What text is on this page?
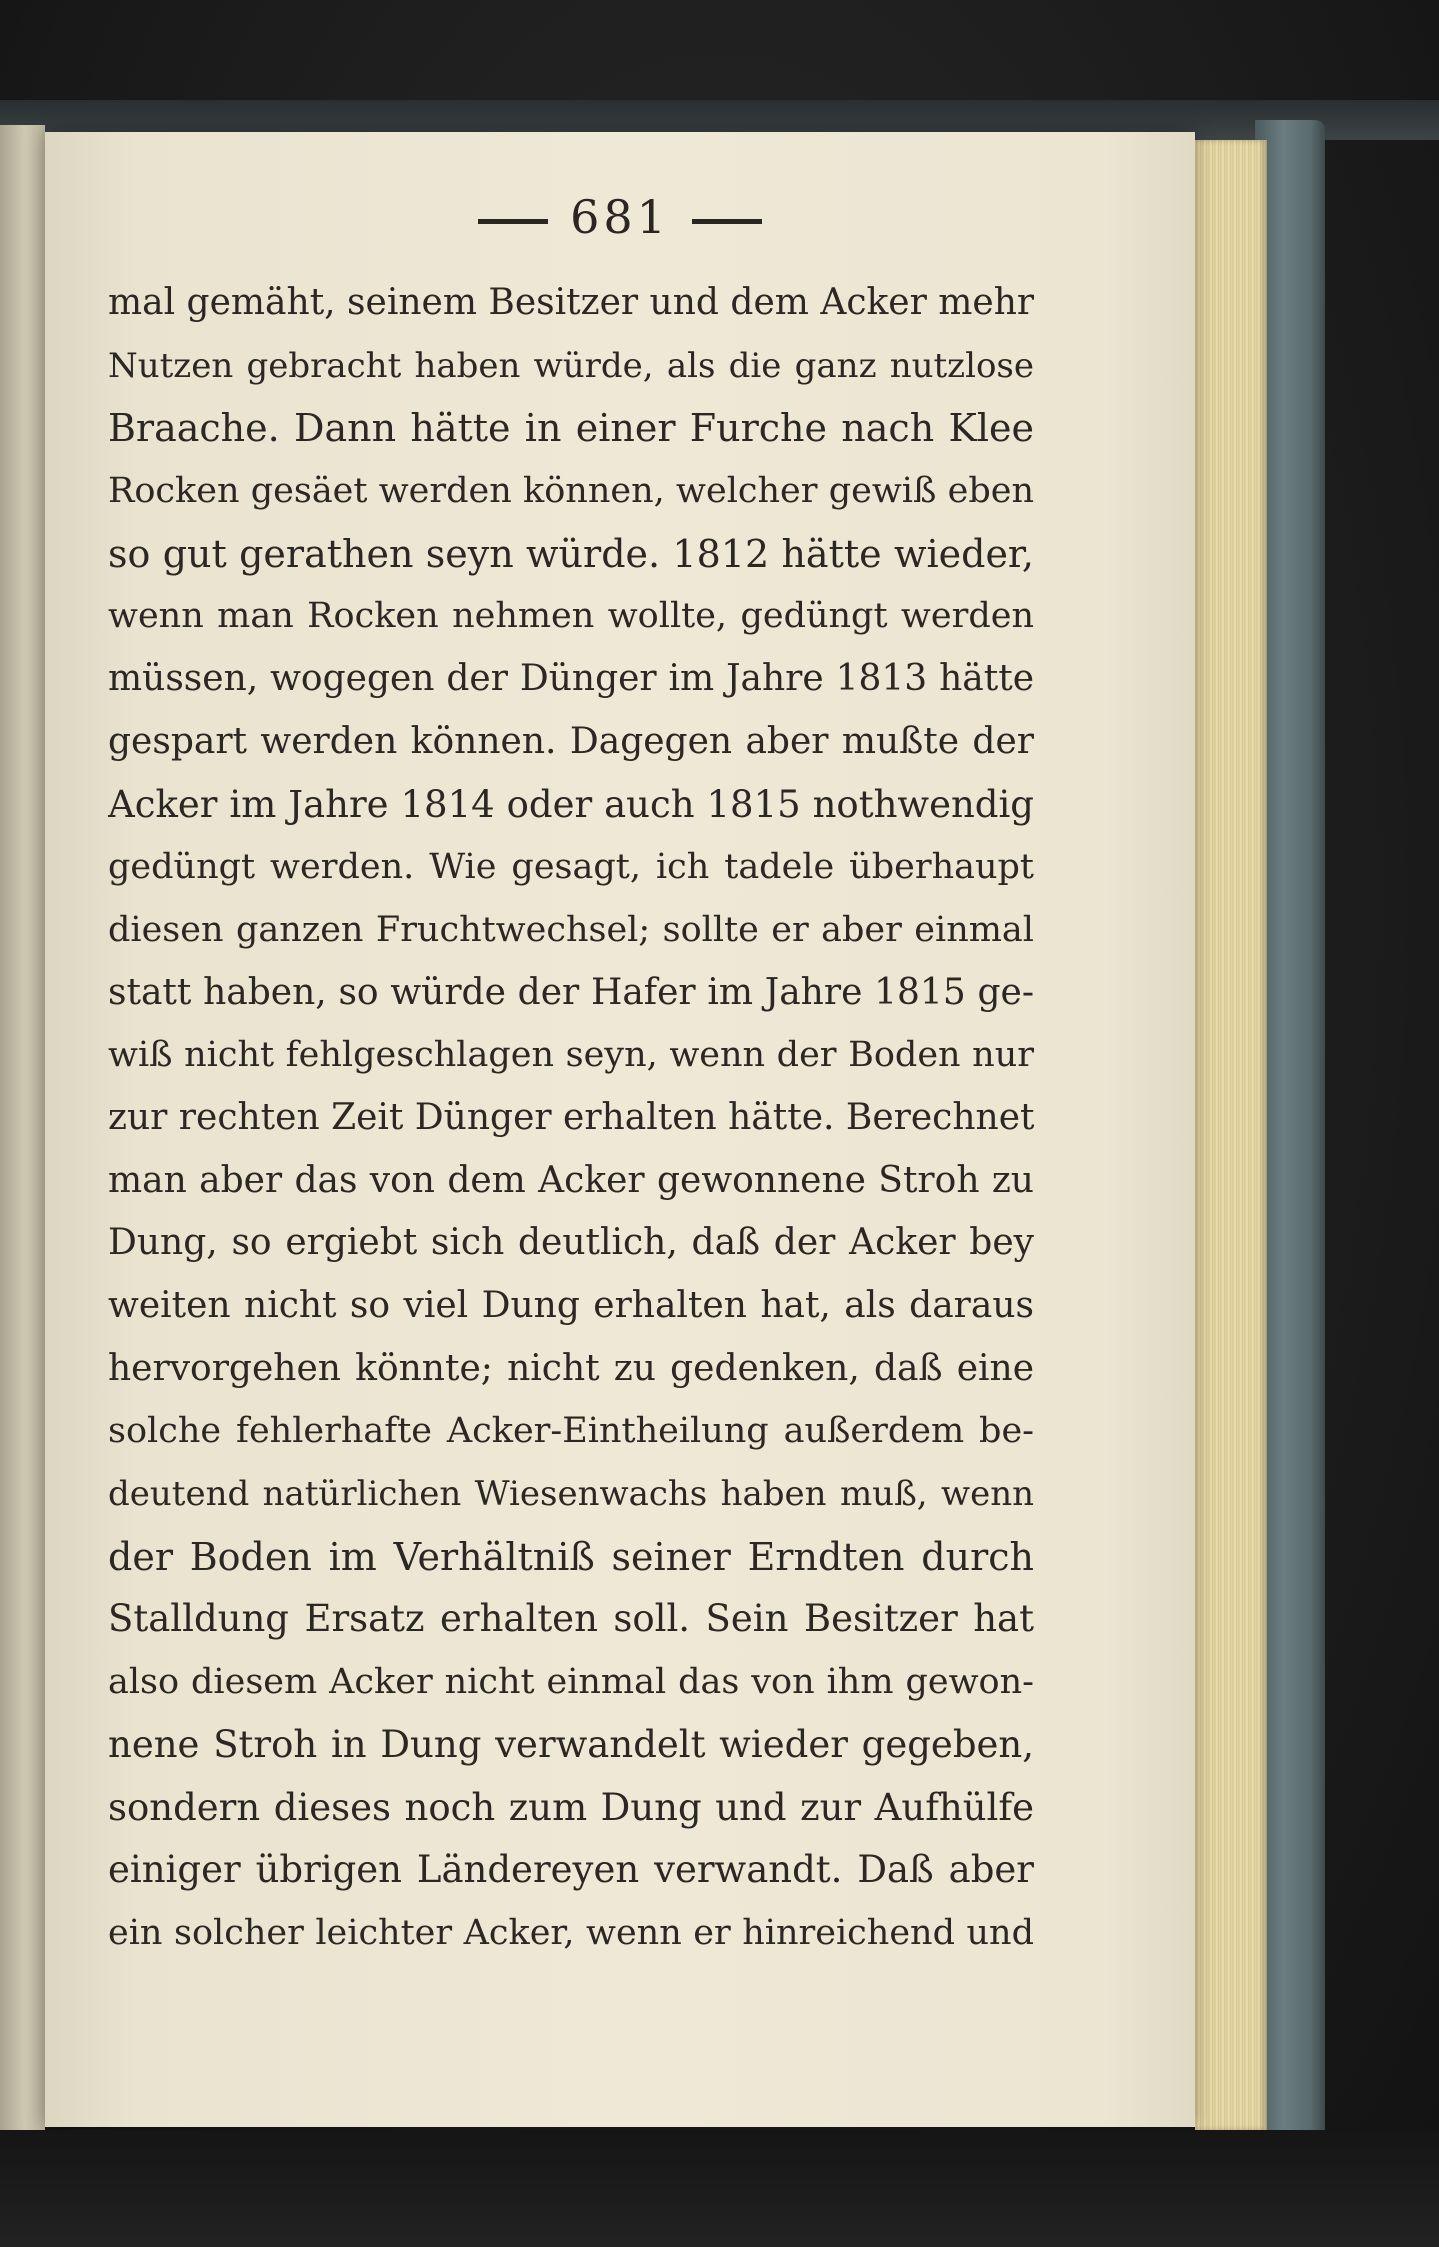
681
mal gemäht, seinem Besitzer und dem Acker mehr
Nutzen gebracht haben würde, als die ganz nutzlose
Braache. Dann hätte in einer Furche nach Klee
Rocken gesäet werden können, welcher gewiß eben
so gut gerathen seyn würde. 1812 hätte wieder,
wenn man Rocken nehmen wollte, gedüngt werden
müssen, wogegen der Dünger im Jahre 1813 hätte
gespart werden können. Dagegen aber mußte der
Acker im Jahre 1814 oder auch 1815 nothwendig
gedüngt werden. Wie gesagt, ich tadele überhaupt
diesen ganzen Fruchtwechsel; sollte er aber einmal
statt haben, so würde der Hafer im Jahre 1815 ge-
wiß nicht fehlgeschlagen seyn, wenn der Boden nur
zur rechten Zeit Dünger erhalten hätte. Berechnet
man aber das von dem Acker gewonnene Stroh zu
Dung, so ergiebt sich deutlich, daß der Acker bey
weiten nicht so viel Dung erhalten hat, als daraus
hervorgehen könnte; nicht zu gedenken, daß eine
solche fehlerhafte Acker-Eintheilung außerdem be-
deutend natürlichen Wiesenwachs haben muß, wenn
der Boden im Verhältniß seiner Erndten durch
Stalldung Ersatz erhalten soll. Sein Besitzer hat
also diesem Acker nicht einmal das von ihm gewon-
nene Stroh in Dung verwandelt wieder gegeben,
sondern dieses noch zum Dung und zur Aufhülfe
einiger übrigen Ländereyen verwandt. Daß aber
ein solcher leichter Acker, wenn er hinreichend und
